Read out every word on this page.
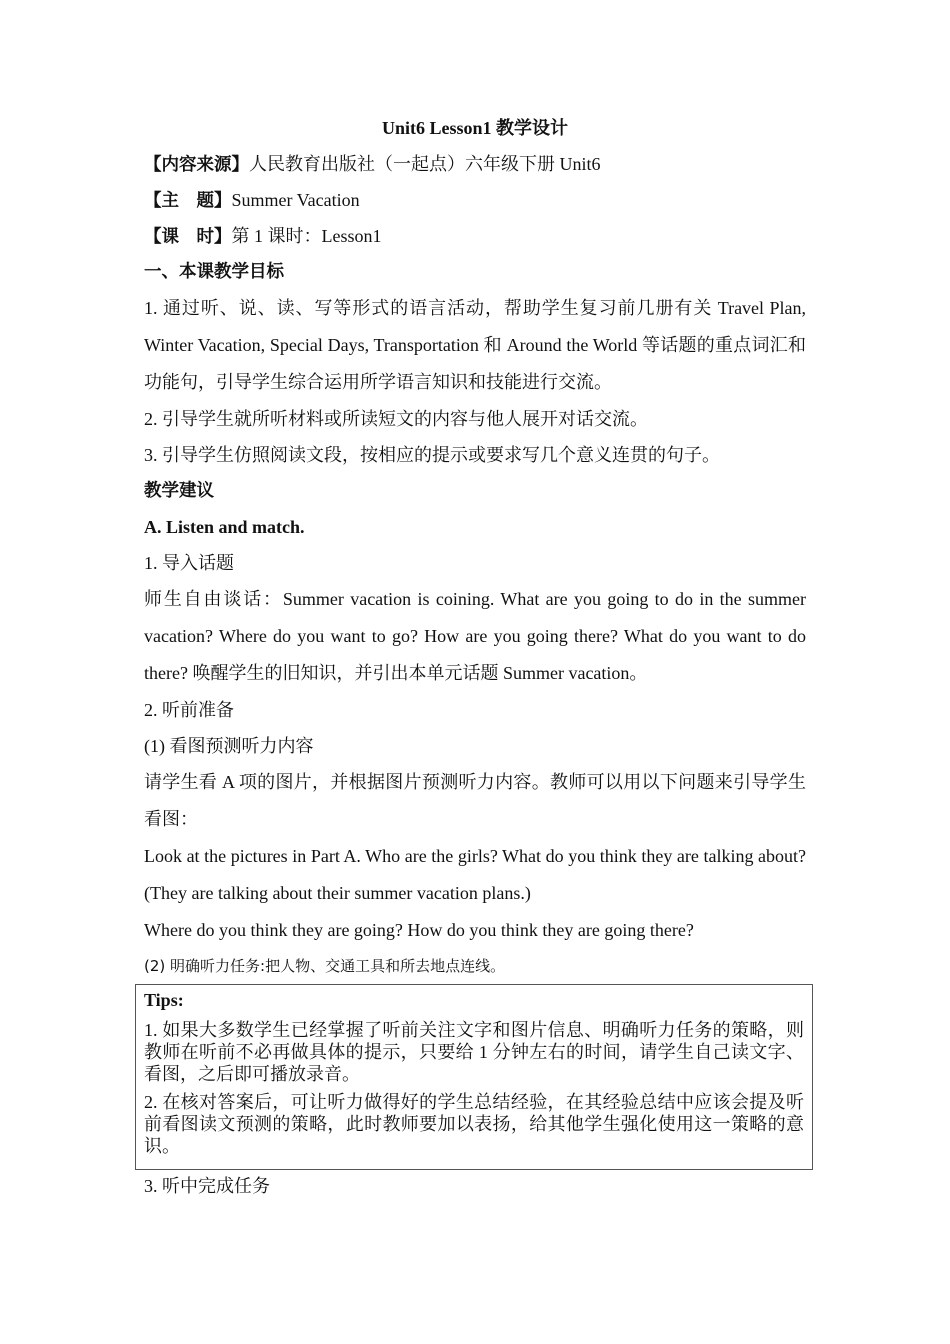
Unit6 Lesson1 教学设计
【内容来源】人民教育出版社（一起点）六年级下册 Unit6
【主　题】Summer Vacation
【课　时】第 1 课时：Lesson1
一、本课教学目标
1. 通过听、说、读、写等形式的语言活动，帮助学生复习前几册有关 Travel Plan, Winter Vacation, Special Days, Transportation 和 Around the World 等话题的重点词汇和功能句，引导学生综合运用所学语言知识和技能进行交流。
2. 引导学生就所听材料或所读短文的内容与他人展开对话交流。
3. 引导学生仿照阅读文段，按相应的提示或要求写几个意义连贯的句子。
教学建议
A. Listen and match.
1. 导入话题
师生自由谈话：Summer vacation is coining. What are you going to do in the summer vacation? Where do you want to go? How are you going there? What do you want to do there? 唤醒学生的旧知识，并引出本单元话题 Summer vacation。
2. 听前准备
(1) 看图预测听力内容
请学生看 A 项的图片，并根据图片预测听力内容。教师可以用以下问题来引导学生看图：
Look at the pictures in Part A. Who are the girls? What do you think they are talking about? (They are talking about their summer vacation plans.)
Where do you think they are going? How do you think they are going there?
(2) 明确听力任务:把人物、交通工具和所去地点连线。
Tips:

1. 如果大多数学生已经掌握了听前关注文字和图片信息、明确听力任务的策略，则教师在听前不必再做具体的提示，只要给 1 分钟左右的时间，请学生自己读文字、看图，之后即可播放录音。

2. 在核对答案后，可让听力做得好的学生总结经验，在其经验总结中应该会提及听前看图读文预测的策略，此时教师要加以表扬，给其他学生强化使用这一策略的意识。

3. 听中完成任务
